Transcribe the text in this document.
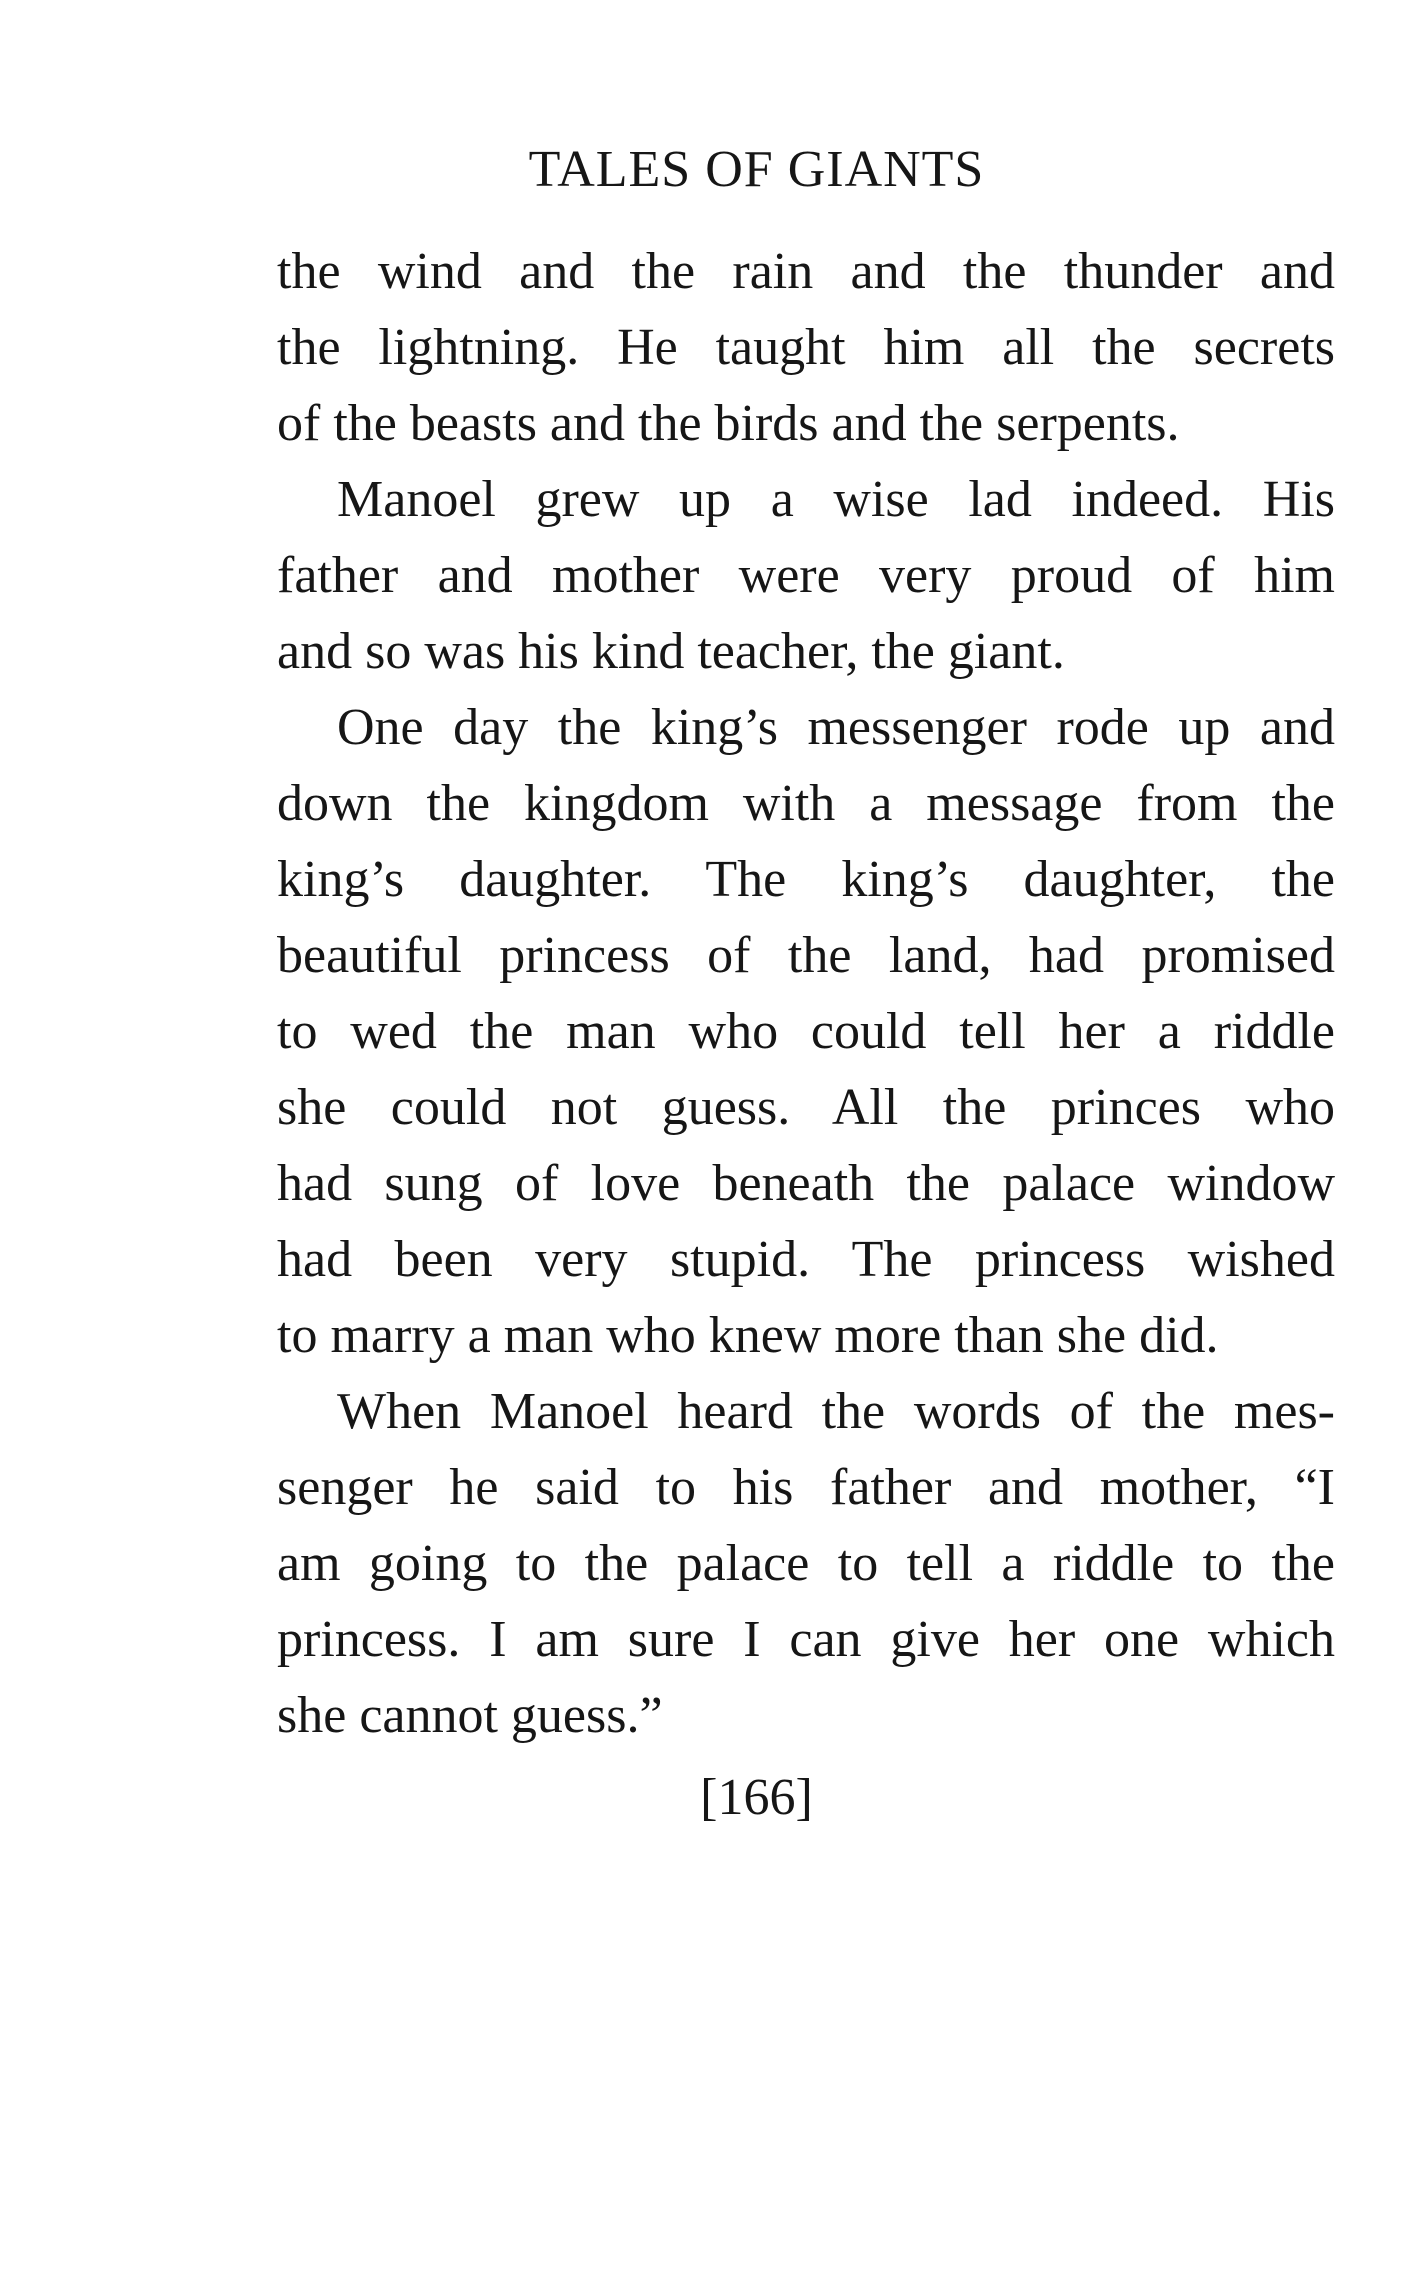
TALES OF GIANTS
the wind and the rain and the thunder and
the lightning. He taught him all the secrets
of the beasts and the birds and the serpents.
Manoel grew up a wise lad indeed. His
father and mother were very proud of him
and so was his kind teacher, the giant.
One day the king’s messenger rode up and
down the kingdom with a message from the
king’s daughter. The king’s daughter, the
beautiful princess of the land, had promised
to wed the man who could tell her a riddle
she could not guess. All the princes who
had sung of love beneath the palace window
had been very stupid. The princess wished
to marry a man who knew more than she did.
When Manoel heard the words of the mes-
senger he said to his father and mother, “I
am going to the palace to tell a riddle to the
princess. I am sure I can give her one which
she cannot guess.”
[166]
